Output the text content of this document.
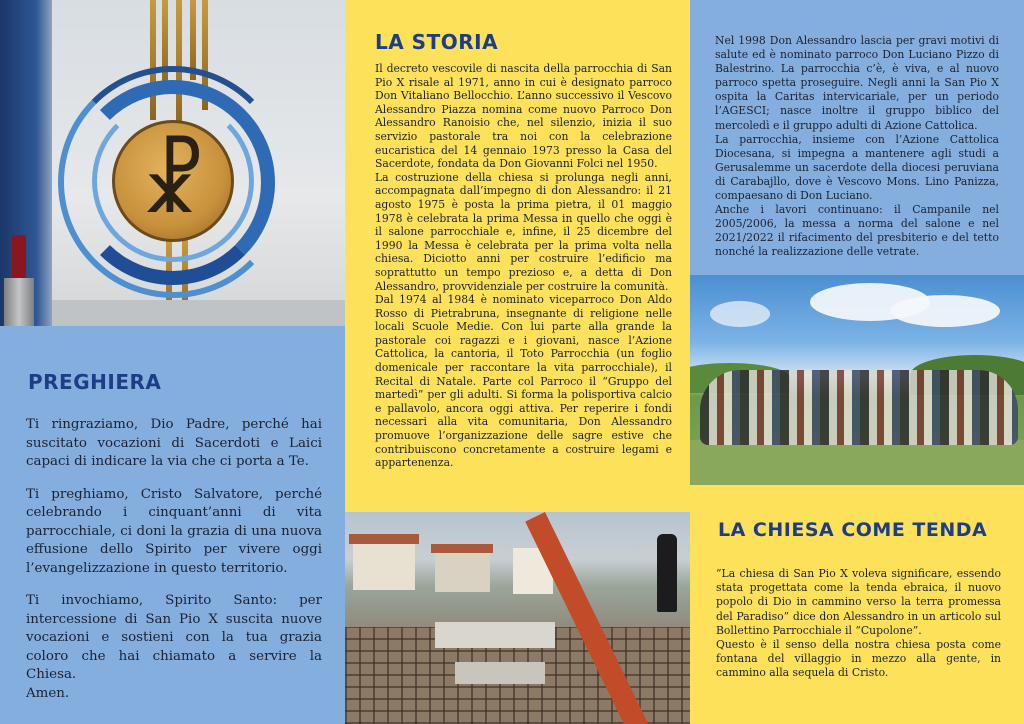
☧
PREGHIERA

Ti ringraziamo, Dio Padre, perché hai suscitato vocazioni di Sacerdoti e Laici capaci di indicare la via che ci porta a Te.

Ti preghiamo, Cristo Salvatore, perché celebrando i cinquant’anni di vita parrocchiale, ci doni la grazia di una nuova effusione dello Spirito per vivere oggi l’evangelizzazione in questo territorio.

Ti invochiamo, Spirito Santo: per intercessione di San Pio X suscita nuove vocazioni e sostieni con la tua grazia coloro che hai chiamato a servire la Chiesa.

Amen.

LA STORIA

Il decreto vescovile di nascita della parrocchia di San Pio X risale al 1971, anno in cui è designato parroco Don Vitaliano Bellocchio. L’anno successivo il Vescovo Alessandro Piazza nomina come nuovo Parroco Don Alessandro Ranoisio che, nel silenzio, inizia il suo servizio pastorale tra noi con la celebrazione eucaristica del 14 gennaio 1973 presso la Casa del Sacerdote, fondata da Don Giovanni Folci nel 1950.

La costruzione della chiesa si prolunga negli anni, accompagnata dall’impegno di don Alessandro: il 21 agosto 1975 è posta la prima pietra, il 01 maggio 1978 è celebrata la prima Messa in quello che oggi è il salone parrocchiale e, infine, il 25 dicembre del 1990 la Messa è celebrata per la prima volta nella chiesa. Diciotto anni per costruire l’edificio ma soprattutto un tempo prezioso e, a detta di Don Alessandro, provvidenziale per costruire la comunità.

Dal 1974 al 1984 è nominato viceparroco Don Aldo Rosso di Pietrabruna, insegnante di religione nelle locali Scuole Medie. Con lui parte alla grande la pastorale coi ragazzi e i giovani, nasce l’Azione Cattolica, la cantoria, il Toto Parrocchia (un foglio domenicale per raccontare la vita parrocchiale), il Recital di Natale. Parte col Parroco il “Gruppo del martedì” per gli adulti. Si forma la polisportiva calcio e pallavolo, ancora oggi attiva. Per reperire i fondi necessari alla vita comunitaria, Don Alessandro promuove l’organizzazione delle sagre estive che contribuiscono concretamente a costruire legami e appartenenza.

Nel 1998 Don Alessandro lascia per gravi motivi di salute ed è nominato parroco Don Luciano Pizzo di Balestrino. La parrocchia c’è, è viva, e al nuovo parroco spetta proseguire. Negli anni la San Pio X ospita la Caritas intervicariale, per un periodo l’AGESCI; nasce inoltre il gruppo biblico del mercoledì e il gruppo adulti di Azione Cattolica.

La parrocchia, insieme con l’Azione Cattolica Diocesana, si impegna a mantenere agli studi a Gerusalemme un sacerdote della diocesi peruviana di Carabajllo, dove è Vescovo Mons. Lino Panizza, compaesano di Don Luciano.

Anche i lavori continuano: il Campanile nel 2005/2006, la messa a norma del salone e nel 2021/2022 il rifacimento del presbiterio e del tetto nonché la realizzazione delle vetrate.

LA CHIESA COME TENDA

“La chiesa di San Pio X voleva significare, essendo stata progettata come la tenda ebraica, il nuovo popolo di Dio in cammino verso la terra promessa del Paradiso” dice don Alessandro in un articolo sul Bollettino Parrocchiale il “Cupolone”.

Questo è il senso della nostra chiesa posta come fontana del villaggio in mezzo alla gente, in cammino alla sequela di Cristo.
